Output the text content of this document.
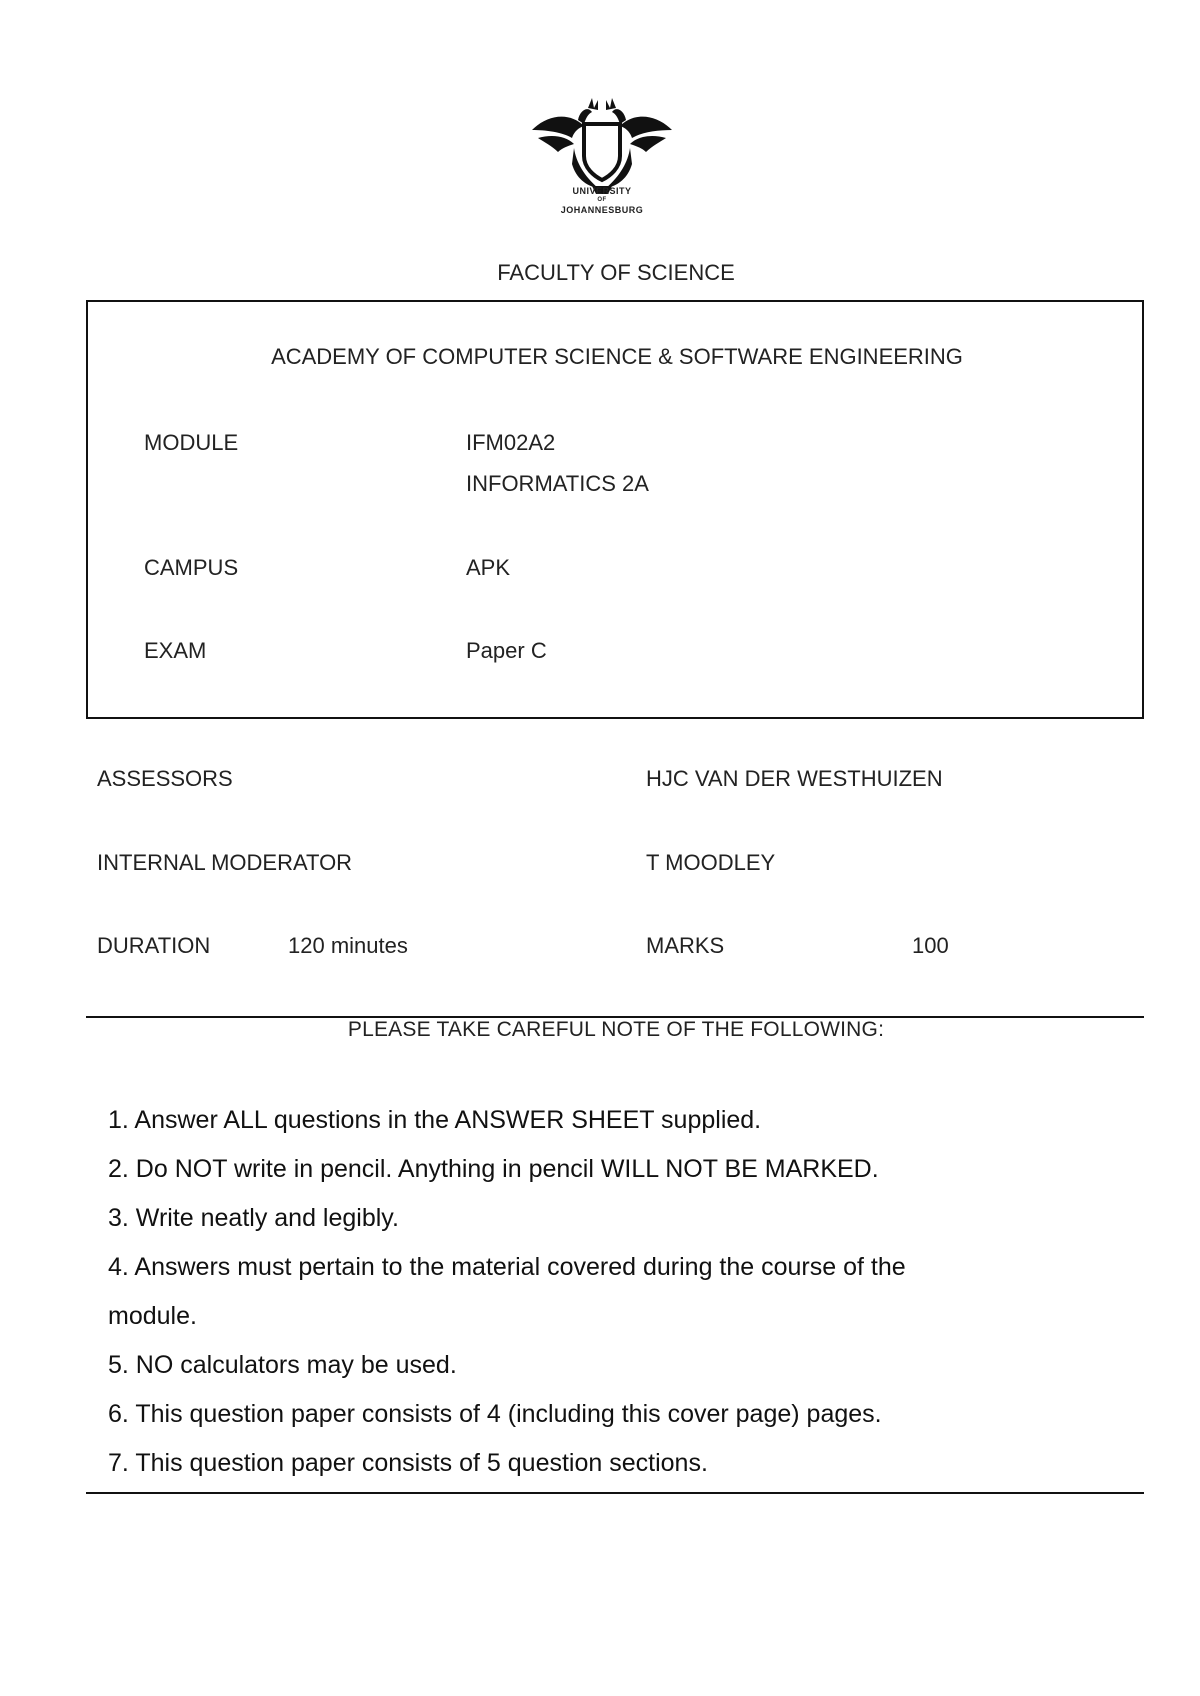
UNIVERSITY
OF
JOHANNESBURG
FACULTY OF SCIENCE
ACADEMY OF COMPUTER SCIENCE & SOFTWARE ENGINEERING
MODULE	IFM02A2
INFORMATICS 2A
CAMPUS	APK
EXAM	Paper C
ASSESSORS	HJC VAN DER WESTHUIZEN
INTERNAL MODERATOR	T MOODLEY
DURATION	120 minutes	MARKS	100
PLEASE TAKE CAREFUL NOTE OF THE FOLLOWING:
1. Answer ALL questions in the ANSWER SHEET supplied.
2. Do NOT write in pencil. Anything in pencil WILL NOT BE MARKED.
3. Write neatly and legibly.
4. Answers must pertain to the material covered during the course of the
module.
5. NO calculators may be used.
6. This question paper consists of 4 (including this cover page) pages.
7. This question paper consists of 5 question sections.
